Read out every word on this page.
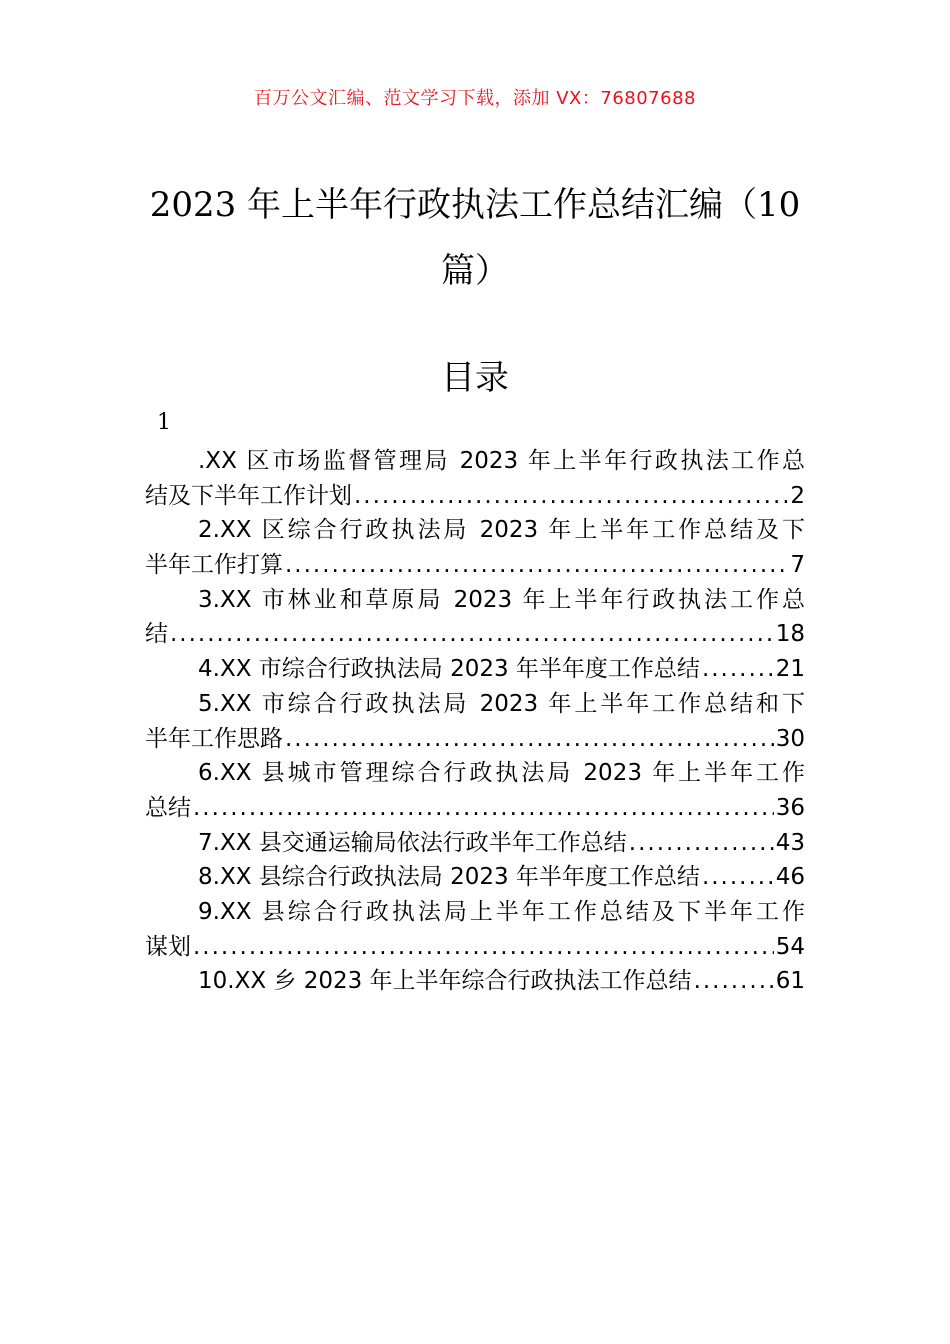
百万公文汇编、范文学习下载，添加 VX：76807688
2023 年上半年行政执法工作总结汇编（10
篇）
目录
1
.XX 区市场监督管理局 2023 年上半年行政执法工作总
结及下半年工作计划 .....	2
2.XX 区综合行政执法局 2023 年上半年工作总结及下
半年工作打算 .....	7
3.XX 市林业和草原局 2023 年上半年行政执法工作总
结 .....	18
4.XX 市综合行政执法局 2023 年半年度工作总结 .....	21
5.XX 市综合行政执法局 2023 年上半年工作总结和下
半年工作思路 .....	30
6.XX 县城市管理综合行政执法局 2023 年上半年工作
总结 .....	36
7.XX 县交通运输局依法行政半年工作总结 .....	43
8.XX 县综合行政执法局 2023 年半年度工作总结 .....	46
9.XX 县综合行政执法局上半年工作总结及下半年工作
谋划 .....	54
10.XX 乡 2023 年上半年综合行政执法工作总结 .....	61
